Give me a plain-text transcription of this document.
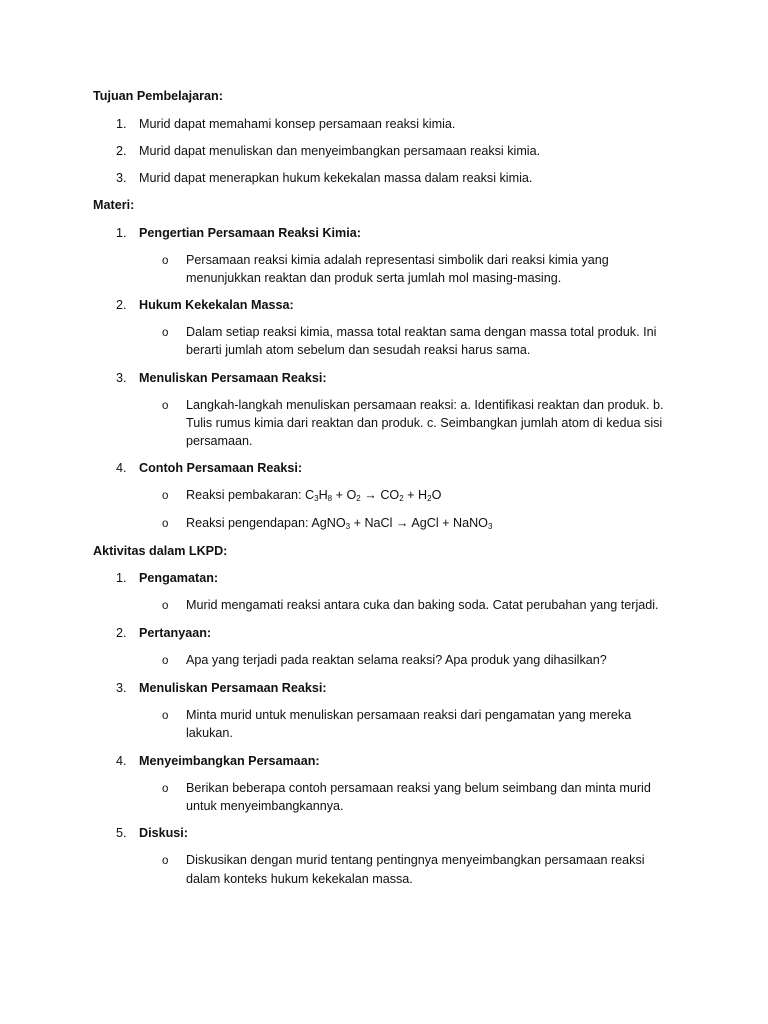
Tujuan Pembelajaran:
1. Murid dapat memahami konsep persamaan reaksi kimia.
2. Murid dapat menuliskan dan menyeimbangkan persamaan reaksi kimia.
3. Murid dapat menerapkan hukum kekekalan massa dalam reaksi kimia.
Materi:
1. Pengertian Persamaan Reaksi Kimia:
o Persamaan reaksi kimia adalah representasi simbolik dari reaksi kimia yang
menunjukkan reaktan dan produk serta jumlah mol masing-masing.
2. Hukum Kekekalan Massa:
o Dalam setiap reaksi kimia, massa total reaktan sama dengan massa total produk. Ini
berarti jumlah atom sebelum dan sesudah reaksi harus sama.
3. Menuliskan Persamaan Reaksi:
o Langkah-langkah menuliskan persamaan reaksi: a. Identifikasi reaktan dan produk. b.
Tulis rumus kimia dari reaktan dan produk. c. Seimbangkan jumlah atom di kedua sisi
persamaan.
4. Contoh Persamaan Reaksi:
o Reaksi pembakaran: $C_3H_8 + O_2 \to CO_2 + H_2O$
o Reaksi pengendapan: AgNO$_3$ + NaCl → AgCl + NaNO$_3$
Aktivitas dalam LKPD:
1. Pengamatan:
o Murid mengamati reaksi antara cuka dan baking soda. Catat perubahan yang terjadi.
2. Pertanyaan:
o Apa yang terjadi pada reaktan selama reaksi? Apa produk yang dihasilkan?
3. Menuliskan Persamaan Reaksi:
o Minta murid untuk menuliskan persamaan reaksi dari pengamatan yang mereka
lakukan.
4. Menyeimbangkan Persamaan:
o Berikan beberapa contoh persamaan reaksi yang belum seimbang dan minta murid
untuk menyeimbangkannya.
5. Diskusi:
o Diskusikan dengan murid tentang pentingnya menyeimbangkan persamaan reaksi
dalam konteks hukum kekekalan massa.
